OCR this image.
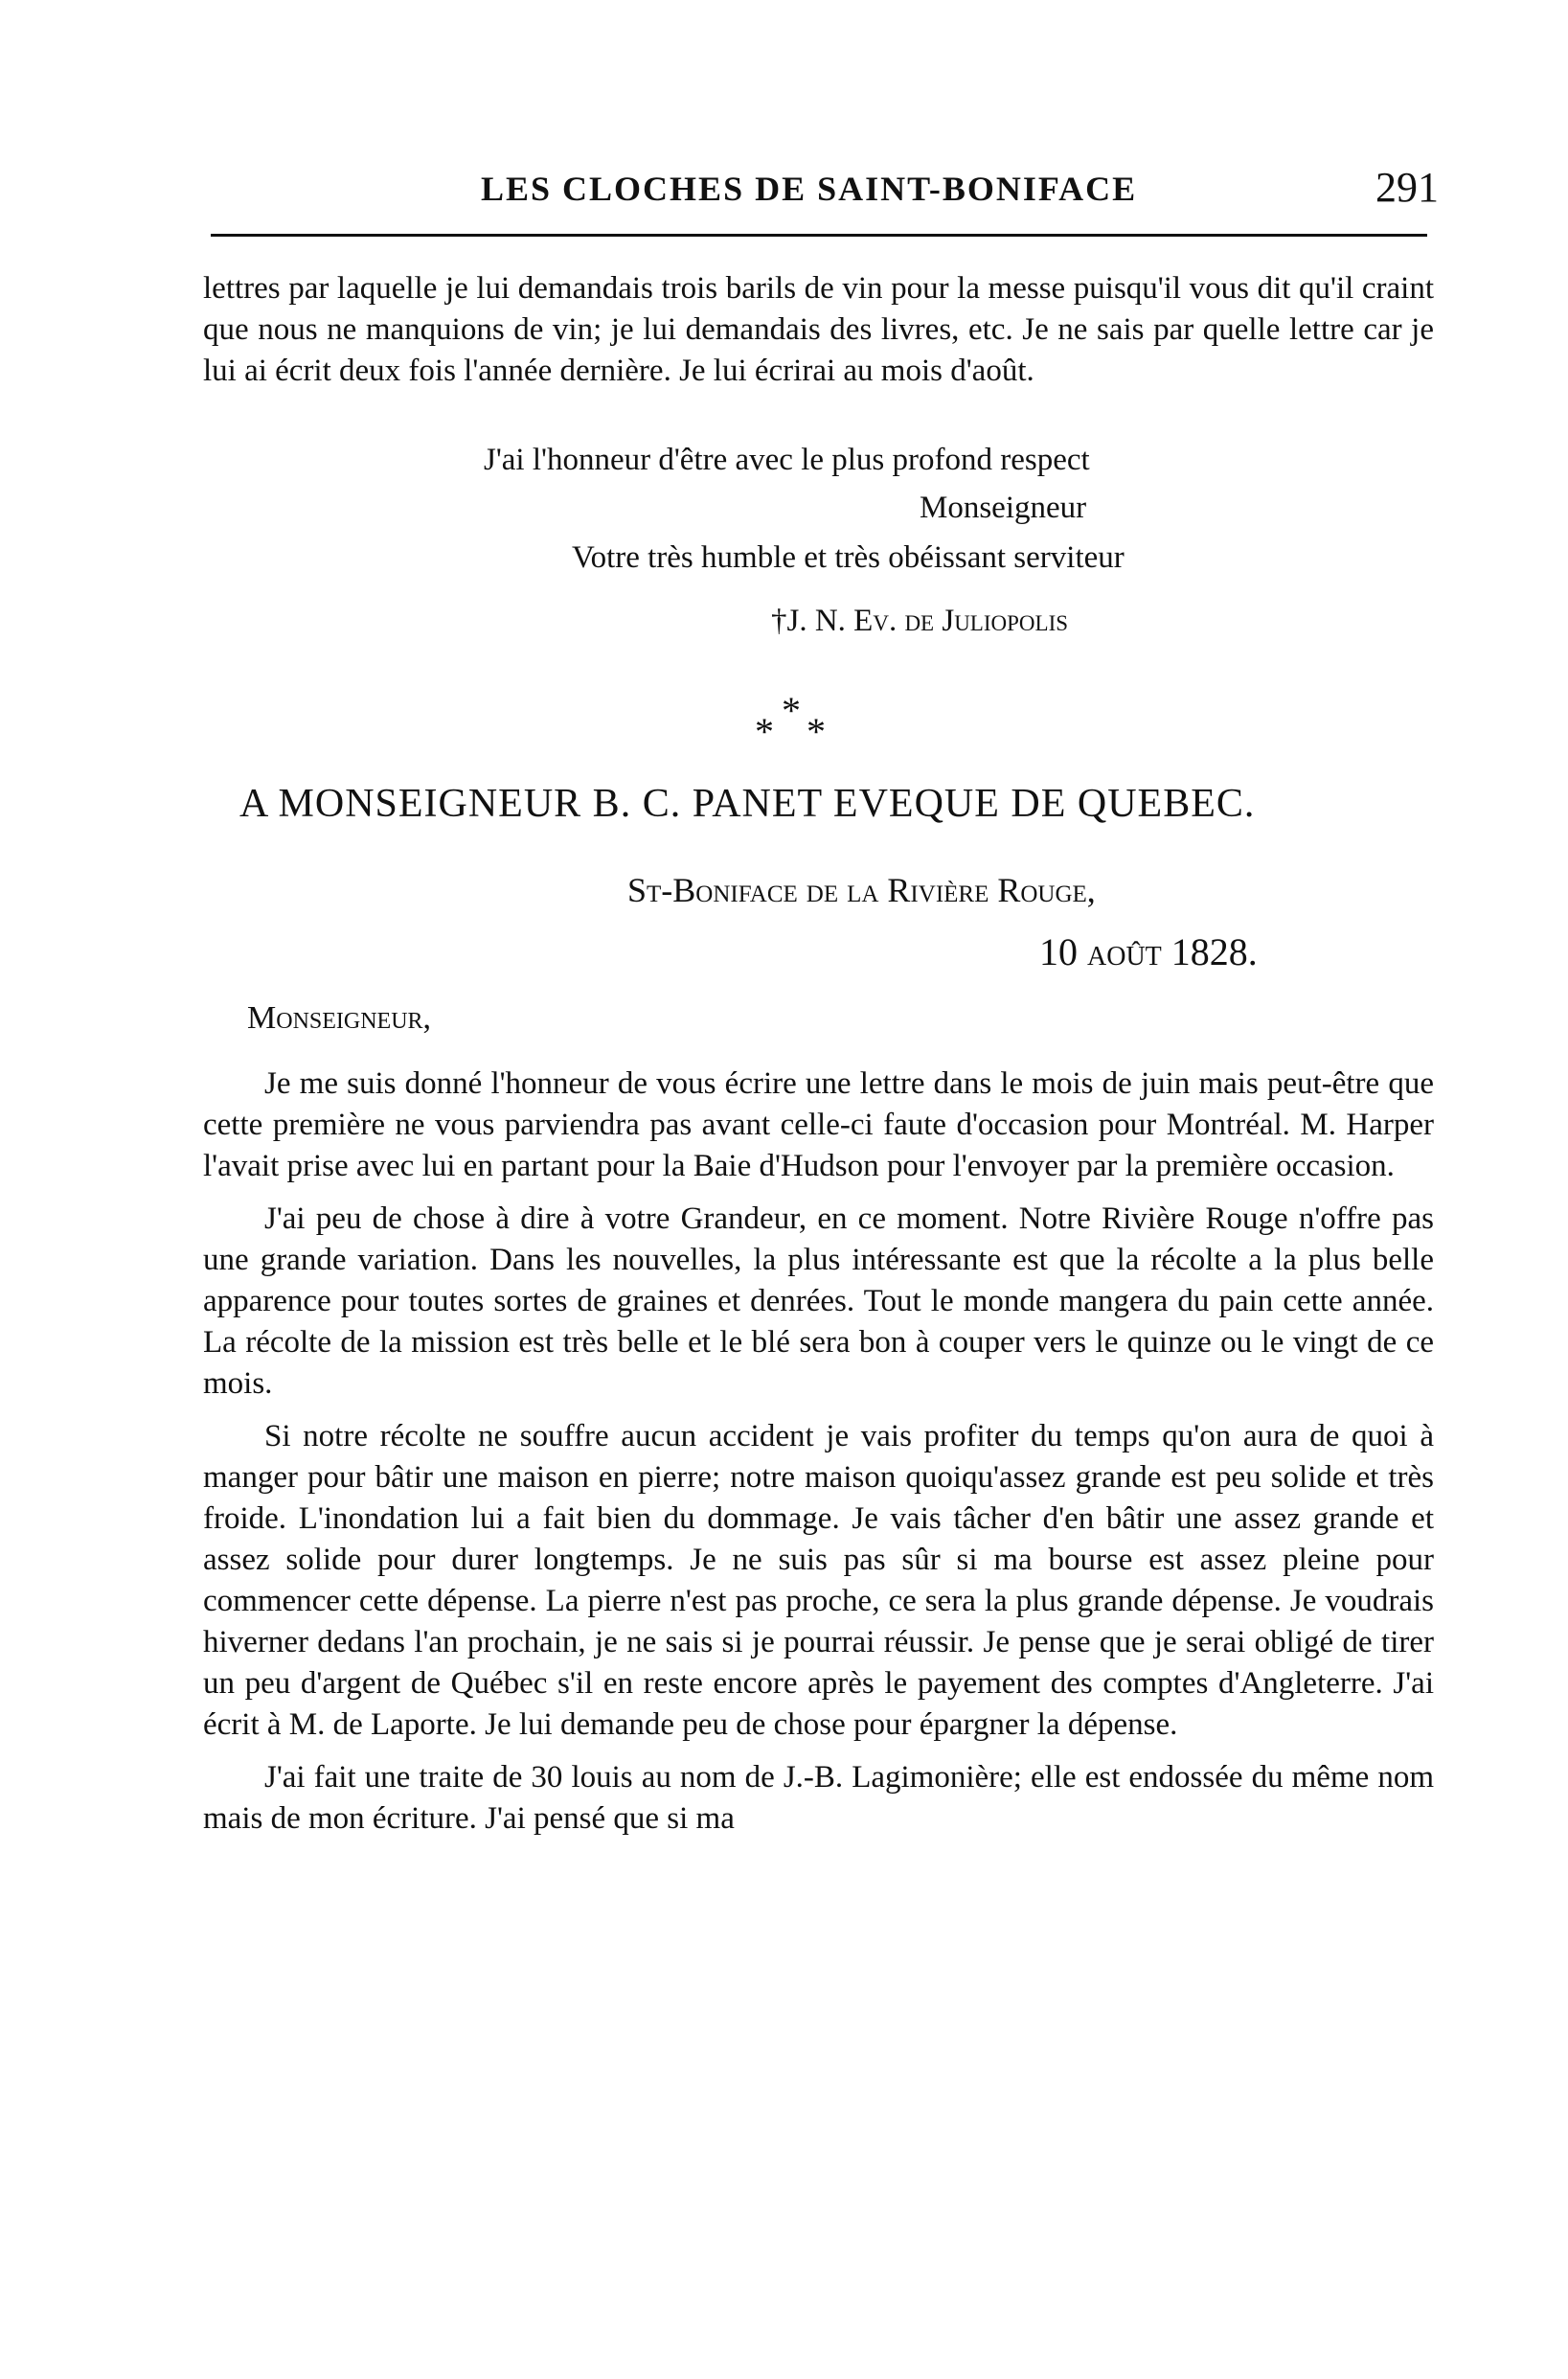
LES CLOCHES DE SAINT-BONIFACE	291

lettres par laquelle je lui demandais trois barils de vin pour la messe puisqu'il vous dit qu'il craint que nous ne manquions de vin; je lui demandais des livres, etc. Je ne sais par quelle lettre car je lui ai écrit deux fois l'année dernière. Je lui écrirai au mois d'août.

J'ai l'honneur d'être avec le plus profond respect
Monseigneur
Votre très humble et très obéissant serviteur
†J. N. Ev. de Juliopolis
*
* *
A MONSEIGNEUR B. C. PANET EVEQUE DE QUEBEC.
St-Boniface de la Rivière Rouge,
10 août 1828.
Monseigneur,

Je me suis donné l'honneur de vous écrire une lettre dans le mois de juin mais peut-être que cette première ne vous parviendra pas avant celle-ci faute d'occasion pour Montréal. M. Harper l'avait prise avec lui en partant pour la Baie d'Hudson pour l'envoyer par la première occasion.

J'ai peu de chose à dire à votre Grandeur, en ce moment. Notre Rivière Rouge n'offre pas une grande variation. Dans les nouvelles, la plus intéressante est que la récolte a la plus belle apparence pour toutes sortes de graines et denrées. Tout le monde mangera du pain cette année. La récolte de la mission est très belle et le blé sera bon à couper vers le quinze ou le vingt de ce mois.

Si notre récolte ne souffre aucun accident je vais profiter du temps qu'on aura de quoi à manger pour bâtir une maison en pierre; notre maison quoiqu'assez grande est peu solide et très froide. L'inondation lui a fait bien du dommage. Je vais tâcher d'en bâtir une assez grande et assez solide pour durer longtemps. Je ne suis pas sûr si ma bourse est assez pleine pour commencer cette dépense. La pierre n'est pas proche, ce sera la plus grande dépense. Je voudrais hiverner dedans l'an prochain, je ne sais si je pourrai réussir. Je pense que je serai obligé de tirer un peu d'argent de Québec s'il en reste encore après le payement des comptes d'Angleterre. J'ai écrit à M. de Laporte. Je lui demande peu de chose pour épargner la dépense.

J'ai fait une traite de 30 louis au nom de J.-B. Lagimonière; elle est endossée du même nom mais de mon écriture. J'ai pensé que si ma
